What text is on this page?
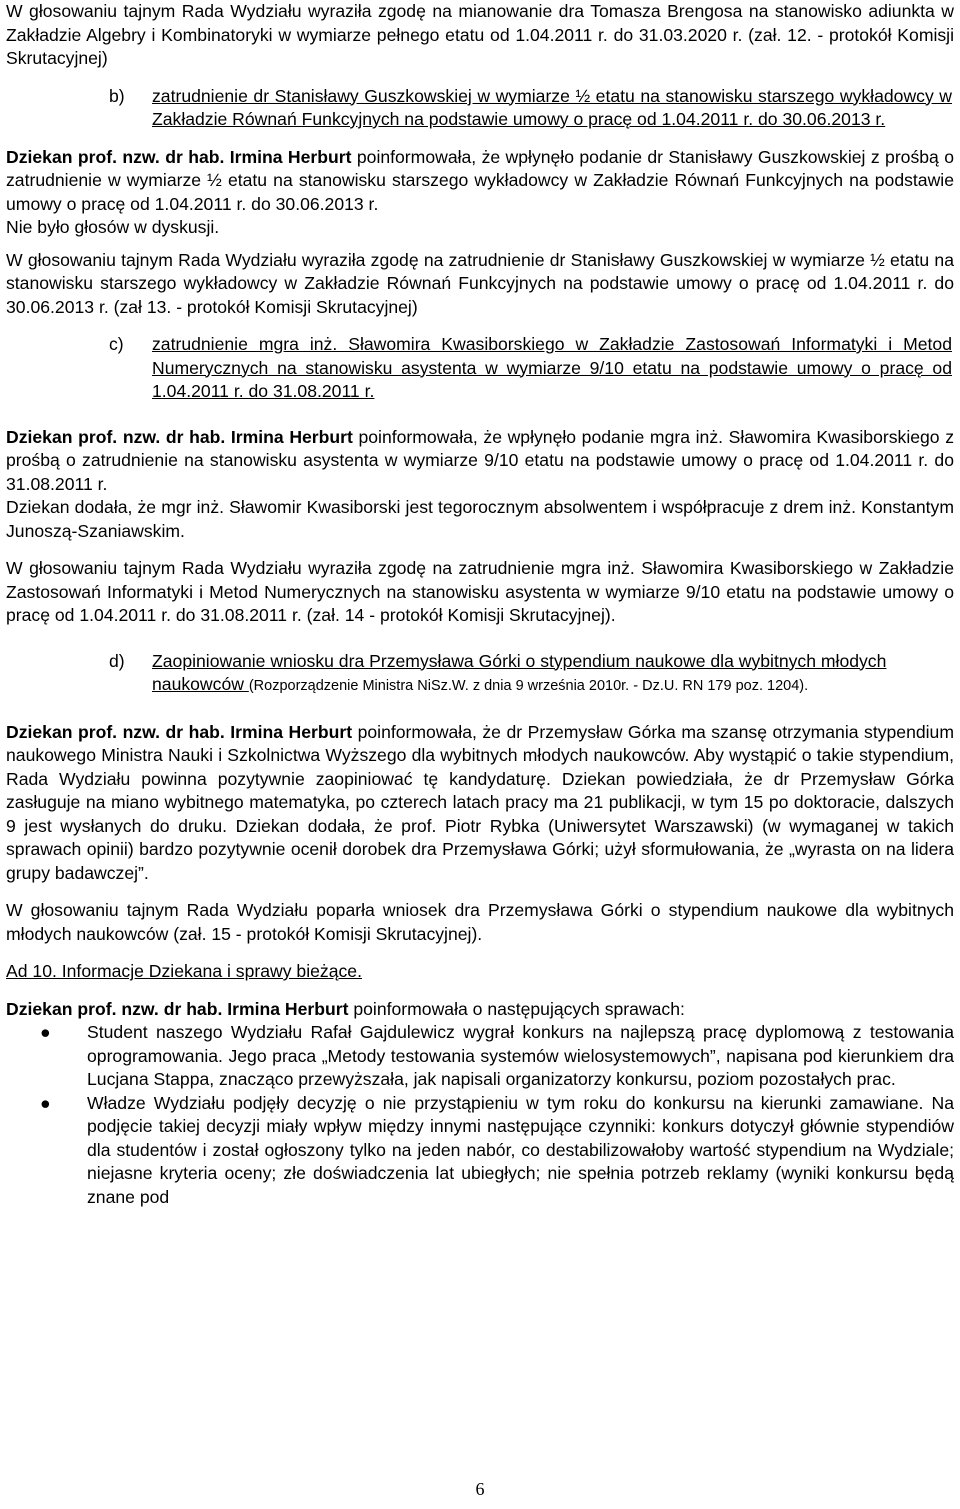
W głosowaniu tajnym Rada Wydziału wyraziła zgodę na mianowanie dra Tomasza Brengosa na stanowisko adiunkta w Zakładzie Algebry i Kombinatoryki w wymiarze pełnego etatu od 1.04.2011 r. do 31.03.2020 r. (zał. 12. - protokół Komisji Skrutacyjnej)

b) zatrudnienie dr Stanisławy Guszkowskiej w wymiarze ½ etatu na stanowisku starszego wykładowcy w Zakładzie Równań Funkcyjnych na podstawie umowy o pracę od 1.04.2011 r. do 30.06.2013 r.

Dziekan prof. nzw. dr hab. Irmina Herburt poinformowała, że wpłynęło podanie dr Stanisławy Guszkowskiej z prośbą o zatrudnienie w wymiarze ½ etatu na stanowisku starszego wykładowcy w Zakładzie Równań Funkcyjnych na podstawie umowy o pracę od 1.04.2011 r. do 30.06.2013 r.

Nie było głosów w dyskusji.

W głosowaniu tajnym Rada Wydziału wyraziła zgodę na zatrudnienie dr Stanisławy Guszkowskiej w wymiarze ½ etatu na stanowisku starszego wykładowcy w Zakładzie Równań Funkcyjnych na podstawie umowy o pracę od 1.04.2011 r. do 30.06.2013 r. (zał 13. - protokół Komisji Skrutacyjnej)

c) zatrudnienie mgra inż. Sławomira Kwasiborskiego w Zakładzie Zastosowań Informatyki i Metod Numerycznych na stanowisku asystenta w wymiarze 9/10 etatu na podstawie umowy o pracę od 1.04.2011 r. do 31.08.2011 r.

Dziekan prof. nzw. dr hab. Irmina Herburt poinformowała, że wpłynęło podanie mgra inż. Sławomira Kwasiborskiego z prośbą o zatrudnienie na stanowisku asystenta w wymiarze 9/10 etatu na podstawie umowy o pracę od 1.04.2011 r. do 31.08.2011 r.

Dziekan dodała, że mgr inż. Sławomir Kwasiborski jest tegorocznym absolwentem i współpracuje z drem inż. Konstantym Junoszą-Szaniawskim.

W głosowaniu tajnym Rada Wydziału wyraziła zgodę na zatrudnienie mgra inż. Sławomira Kwasiborskiego w Zakładzie Zastosowań Informatyki i Metod Numerycznych na stanowisku asystenta w wymiarze 9/10 etatu na podstawie umowy o pracę od 1.04.2011 r. do 31.08.2011 r. (zał. 14 - protokół Komisji Skrutacyjnej).

d) Zaopiniowanie wniosku dra Przemysława Górki o stypendium naukowe dla wybitnych młodych naukowców (Rozporządzenie Ministra NiSz.W. z dnia 9 września 2010r. - Dz.U. RN 179 poz. 1204).

Dziekan prof. nzw. dr hab. Irmina Herburt poinformowała, że dr Przemysław Górka ma szansę otrzymania stypendium naukowego Ministra Nauki i Szkolnictwa Wyższego dla wybitnych młodych naukowców. Aby wystąpić o takie stypendium, Rada Wydziału powinna pozytywnie zaopiniować tę kandydaturę. Dziekan powiedziała, że dr Przemysław Górka zasługuje na miano wybitnego matematyka, po czterech latach pracy ma 21 publikacji, w tym 15 po doktoracie, dalszych 9 jest wysłanych do druku. Dziekan dodała, że prof. Piotr Rybka (Uniwersytet Warszawski) (w wymaganej w takich sprawach opinii) bardzo pozytywnie ocenił dorobek dra Przemysława Górki; użył sformułowania, że „wyrasta on na lidera grupy badawczej”.

W głosowaniu tajnym Rada Wydziału poparła wniosek dra Przemysława Górki o stypendium naukowe dla wybitnych młodych naukowców (zał. 15 - protokół Komisji Skrutacyjnej).

Ad 10. Informacje Dziekana i sprawy bieżące.

Dziekan prof. nzw. dr hab. Irmina Herburt poinformowała o następujących sprawach:

● Student naszego Wydziału Rafał Gajdulewicz wygrał konkurs na najlepszą pracę dyplomową z testowania oprogramowania. Jego praca „Metody testowania systemów wielosystemowych”, napisana pod kierunkiem dra Lucjana Stappa, znacząco przewyższała, jak napisali organizatorzy konkursu, poziom pozostałych prac.
● Władze Wydziału podjęły decyzję o nie przystąpieniu w tym roku do konkursu na kierunki zamawiane. Na podjęcie takiej decyzji miały wpływ między innymi następujące czynniki: konkurs dotyczył głównie stypendiów dla studentów i został ogłoszony tylko na jeden nabór, co destabilizowałoby wartość stypendium na Wydziale; niejasne kryteria oceny; złe doświadczenia lat ubiegłych; nie spełnia potrzeb reklamy (wyniki konkursu będą znane pod
6
